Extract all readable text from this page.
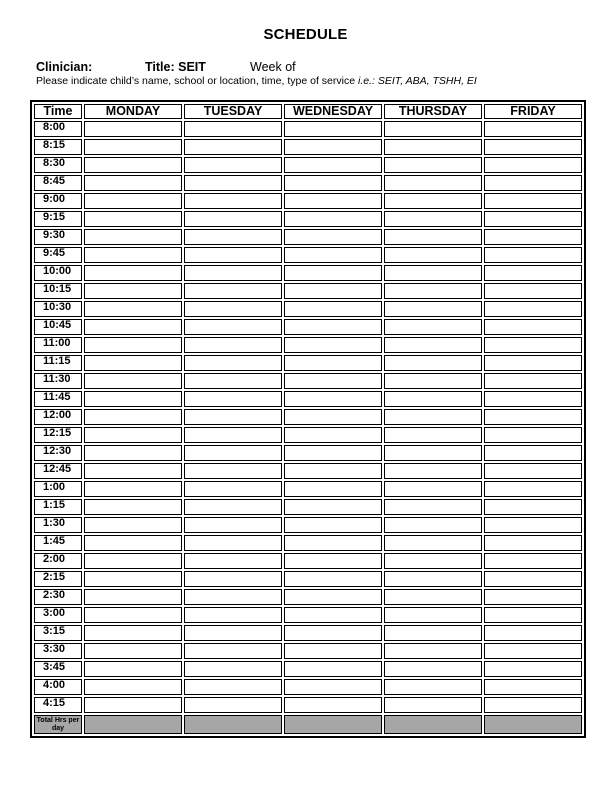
SCHEDULE
Clinician:	Title: SEIT	Week of
Please indicate child’s name, school or location, time, type of service i.e.: SEIT, ABA, TSHH, EI
Time	MONDAY	TUESDAY	WEDNESDAY	THURSDAY	FRIDAY
8:00					
8:15					
8:30					
8:45					
9:00					
9:15					
9:30					
9:45					
10:00					
10:15					
10:30					
10:45					
11:00					
11:15					
11:30					
11:45					
12:00					
12:15					
12:30					
12:45					
1:00					
1:15					
1:30					
1:45					
2:00					
2:15					
2:30					
3:00					
3:15					
3:30					
3:45					
4:00					
4:15					
Total Hrs per day					
